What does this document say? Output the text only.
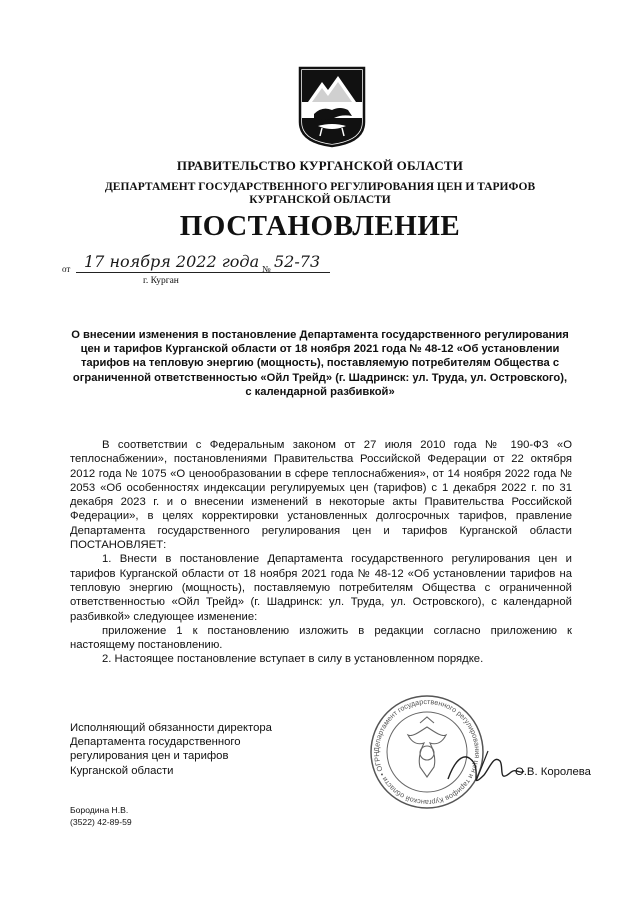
ПРАВИТЕЛЬСТВО КУРГАНСКОЙ ОБЛАСТИ
ДЕПАРТАМЕНТ ГОСУДАРСТВЕННОГО РЕГУЛИРОВАНИЯ ЦЕН И ТАРИФОВ
КУРГАНСКОЙ ОБЛАСТИ
ПОСТАНОВЛЕНИЕ
от 17 ноября 2022 года № 52-73
г. Курган
О внесении изменения в постановление Департамента государственного регулирования цен и тарифов Курганской области от 18 ноября 2021 года № 48-12 «Об установлении тарифов на тепловую энергию (мощность), поставляемую потребителям Общества с ограниченной ответственностью «Ойл Трейд» (г. Шадринск: ул. Труда, ул. Островского), с календарной разбивкой»

В соответствии с Федеральным законом от 27 июля 2010 года № 190-ФЗ «О теплоснабжении», постановлениями Правительства Российской Федерации от 22 октября 2012 года № 1075 «О ценообразовании в сфере теплоснабжения», от 14 ноября 2022 года № 2053 «Об особенностях индексации регулируемых цен (тарифов) с 1 декабря 2022 г. по 31 декабря 2023 г. и о внесении изменений в некоторые акты Правительства Российской Федерации», в целях корректировки установленных долгосрочных тарифов, правление Департамента государственного регулирования цен и тарифов Курганской области ПОСТАНОВЛЯЕТ:

1. Внести в постановление Департамента государственного регулирования цен и тарифов Курганской области от 18 ноября 2021 года № 48-12 «Об установлении тарифов на тепловую энергию (мощность), поставляемую потребителям Общества с ограниченной ответственностью «Ойл Трейд» (г. Шадринск: ул. Труда, ул. Островского), с календарной разбивкой» следующее изменение:

приложение 1 к постановлению изложить в редакции согласно приложению к настоящему постановлению.

2. Настоящее постановление вступает в силу в установленном порядке.

Исполняющий обязанности директора
Департамента государственного
регулирования цен и тарифов
Курганской области
Департамент государственного регулирования цен и тарифов Курганской области • ОГРН
О.В. Королева
Бородина Н.В.
(3522) 42-89-59
